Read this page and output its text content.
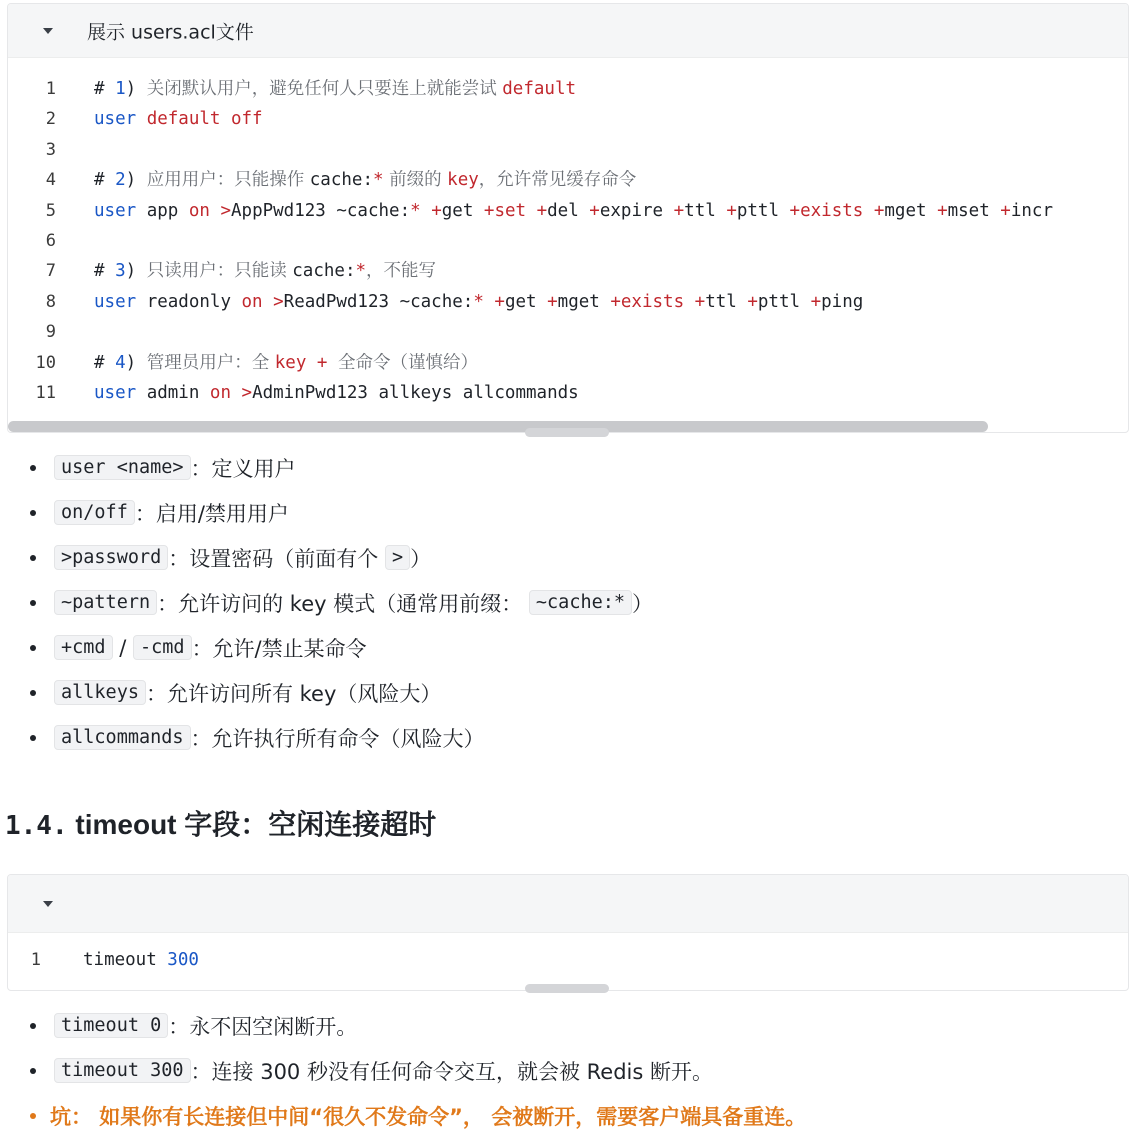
展示 users.acl文件
1 # 1) 关闭默认用户，避免任何人只要连上就能尝试 default
2 user default off
3
4 # 2) 应用用户：只能操作 cache:* 前缀的 key，允许常见缓存命令
5 user app on >AppPwd123 ~cache:* +get +set +del +expire +ttl +pttl +exists +mget +mset +incr
6
7 # 3) 只读用户：只能读 cache:*，不能写
8 user readonly on >ReadPwd123 ~cache:* +get +mget +exists +ttl +pttl +ping
9
10 # 4) 管理员用户：全 key + 全命令（谨慎给）
11 user admin on >AdminPwd123 allkeys allcommands
user <name> ：定义用户
on/off ：启用/禁用用户
>password ：设置密码（前面有个 > ）
~pattern ：允许访问的 key 模式（通常用前缀： ~cache:* ）
+cmd / -cmd ：允许/禁止某命令
allkeys ：允许访问所有 key（风险大）
allcommands ：允许执行所有命令（风险大）
1.4. timeout 字段：空闲连接超时
1 timeout 300
timeout 0 ：永不因空闲断开。
timeout 300 ：连接 300 秒没有任何命令交互，就会被 Redis 断开。
坑： 如果你有长连接但中间“很久不发命令”， 会被断开，需要客户端具备重连。
